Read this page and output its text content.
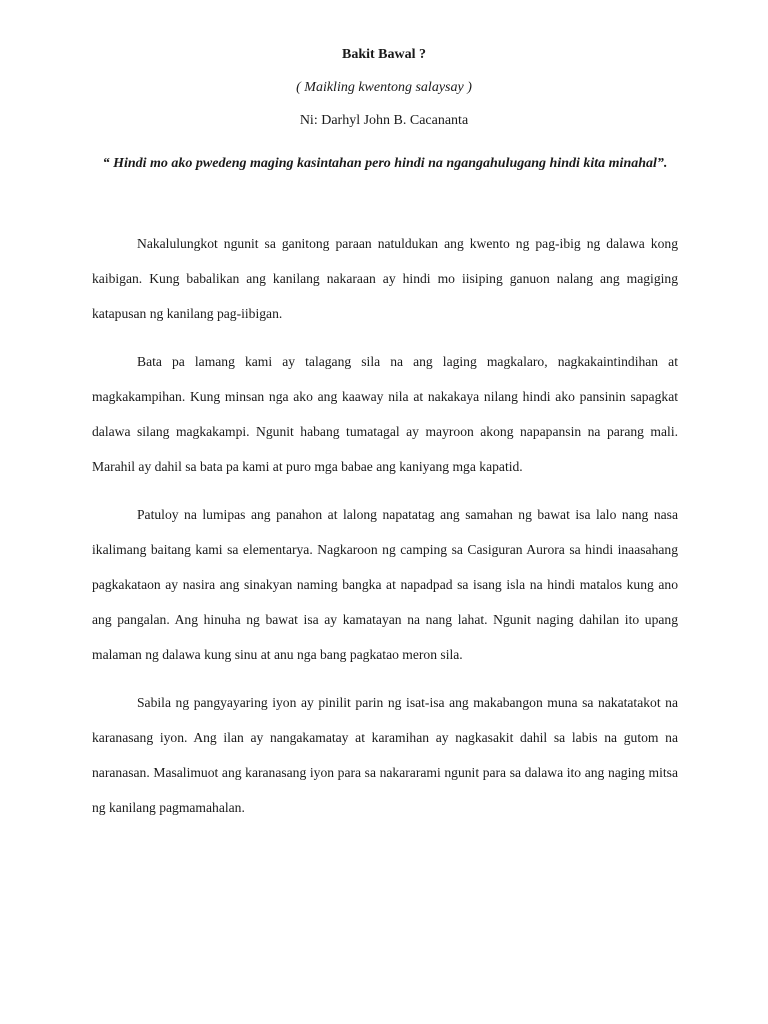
Bakit Bawal ?
( Maikling kwentong salaysay )
Ni: Darhyl John B. Cacananta
“ Hindi mo ako pwedeng maging kasintahan pero hindi na ngangahulugang hindi kita minahal”.

Nakalulungkot ngunit sa ganitong paraan natuldukan ang kwento ng pag-ibig ng dalawa kong kaibigan. Kung babalikan ang kanilang nakaraan ay hindi mo iisiping ganuon nalang ang magiging katapusan ng kanilang pag-iibigan.

Bata pa lamang kami ay talagang sila na ang laging magkalaro, nagkakaintindihan at magkakampihan. Kung minsan nga ako ang kaaway nila at nakakaya nilang hindi ako pansinin sapagkat dalawa silang magkakampi. Ngunit habang tumatagal ay mayroon akong napapansin na parang mali. Marahil ay dahil sa bata pa kami at puro mga babae ang kaniyang mga kapatid.

Patuloy na lumipas ang panahon at lalong napatatag ang samahan ng bawat isa lalo nang nasa ikalimang baitang kami sa elementarya. Nagkaroon ng camping sa Casiguran Aurora sa hindi inaasahang pagkakataon ay nasira ang sinakyan naming bangka at napadpad sa isang isla na hindi matalos kung ano ang pangalan. Ang hinuha ng bawat isa ay kamatayan na nang lahat. Ngunit naging dahilan ito upang malaman ng dalawa kung sinu at anu nga bang pagkatao meron sila.

Sabila ng pangyayaring iyon ay pinilit parin ng isat-isa ang makabangon muna sa nakatatakot na karanasang iyon. Ang ilan ay nangakamatay at karamihan ay nagkasakit dahil sa labis na gutom na naranasan. Masalimuot ang karanasang iyon para sa nakararami ngunit para sa dalawa ito ang naging mitsa ng kanilang pagmamahalan.
